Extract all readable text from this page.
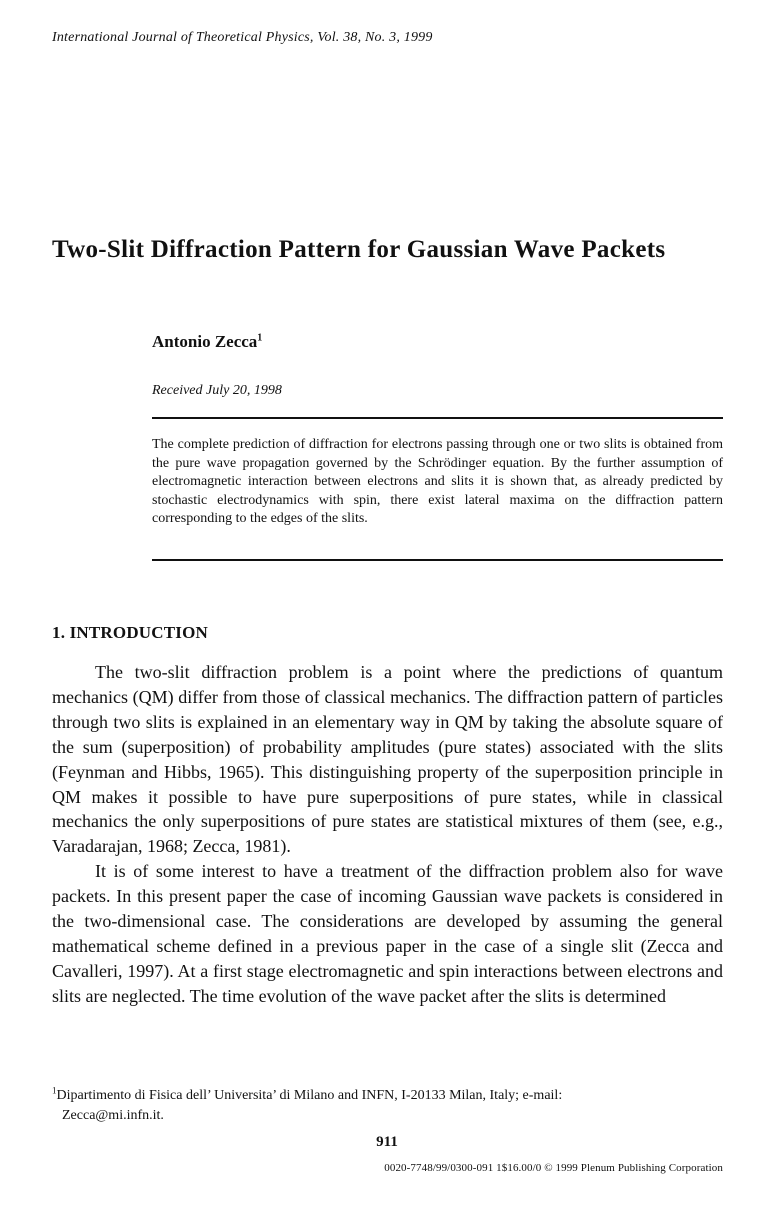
International Journal of Theoretical Physics, Vol. 38, No. 3, 1999
Two-Slit Diffraction Pattern for Gaussian Wave Packets
Antonio Zecca$^1$
Received July 20, 1998
The complete prediction of diffraction for electrons passing through one or two slits is obtained from the pure wave propagation governed by the Schrödinger equation. By the further assumption of electromagnetic interaction between electrons and slits it is shown that, as already predicted by stochastic electrodynamics with spin, there exist lateral maxima on the diffraction pattern corresponding to the edges of the slits.
1. INTRODUCTION

The two-slit diffraction problem is a point where the predictions of quantum mechanics (QM) differ from those of classical mechanics. The diffraction pattern of particles through two slits is explained in an elementary way in QM by taking the absolute square of the sum (superposition) of probability amplitudes (pure states) associated with the slits (Feynman and Hibbs, 1965). This distinguishing property of the superposition principle in QM makes it possible to have pure superpositions of pure states, while in classical mechanics the only superpositions of pure states are statistical mixtures of them (see, e.g., Varadarajan, 1968; Zecca, 1981).

It is of some interest to have a treatment of the diffraction problem also for wave packets. In this present paper the case of incoming Gaussian wave packets is considered in the two-dimensional case. The considerations are developed by assuming the general mathematical scheme defined in a previous paper in the case of a single slit (Zecca and Cavalleri, 1997). At a first stage electromagnetic and spin interactions between electrons and slits are neglected. The time evolution of the wave packet after the slits is determined

$^1$Dipartimento di Fisica dell’ Universita’ di Milano and INFN, I-20133 Milan, Italy; e-mail:
Zecca@mi.infn.it.
911
0020-7748/99/0300-091 1$16.00/0 © 1999 Plenum Publishing Corporation
